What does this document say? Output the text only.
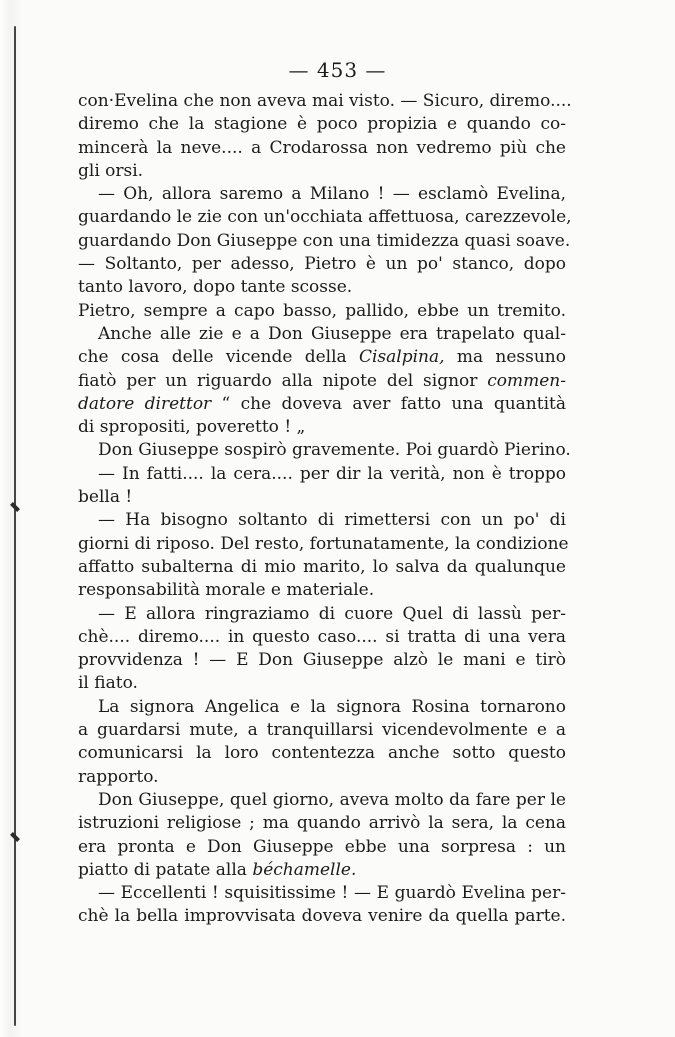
— 453 —
con·Evelina che non aveva mai visto. — Sicuro, diremo....
diremo che la stagione è poco propizia e quando co-
mincerà la neve.... a Crodarossa non vedremo più che
gli orsi.
— Oh, allora saremo a Milano ! — esclamò Evelina,
guardando le zie con un'occhiata affettuosa, carezzevole,
guardando Don Giuseppe con una timidezza quasi soave.
— Soltanto, per adesso, Pietro è un po' stanco, dopo
tanto lavoro, dopo tante scosse.
Pietro, sempre a capo basso, pallido, ebbe un tremito.
Anche alle zie e a Don Giuseppe era trapelato qual-
che cosa delle vicende della Cisalpina, ma nessuno
fiatò per un riguardo alla nipote del signor commen-
datore direttor “ che doveva aver fatto una quantità
di spropositi, poveretto ! „
Don Giuseppe sospirò gravemente. Poi guardò Pierino.
— In fatti.... la cera.... per dir la verità, non è troppo
bella !
— Ha bisogno soltanto di rimettersi con un po' di
giorni di riposo. Del resto, fortunatamente, la condizione
affatto subalterna di mio marito, lo salva da qualunque
responsabilità morale e materiale.
— E allora ringraziamo di cuore Quel di lassù per-
chè.... diremo.... in questo caso.... si tratta di una vera
provvidenza ! — E Don Giuseppe alzò le mani e tirò
il fiato.
La signora Angelica e la signora Rosina tornarono
a guardarsi mute, a tranquillarsi vicendevolmente e a
comunicarsi la loro contentezza anche sotto questo
rapporto.
Don Giuseppe, quel giorno, aveva molto da fare per le
istruzioni religiose ; ma quando arrivò la sera, la cena
era pronta e Don Giuseppe ebbe una sorpresa : un
piatto di patate alla béchamelle.
— Eccellenti ! squisitissime ! — E guardò Evelina per-
chè la bella improvvisata doveva venire da quella parte.
